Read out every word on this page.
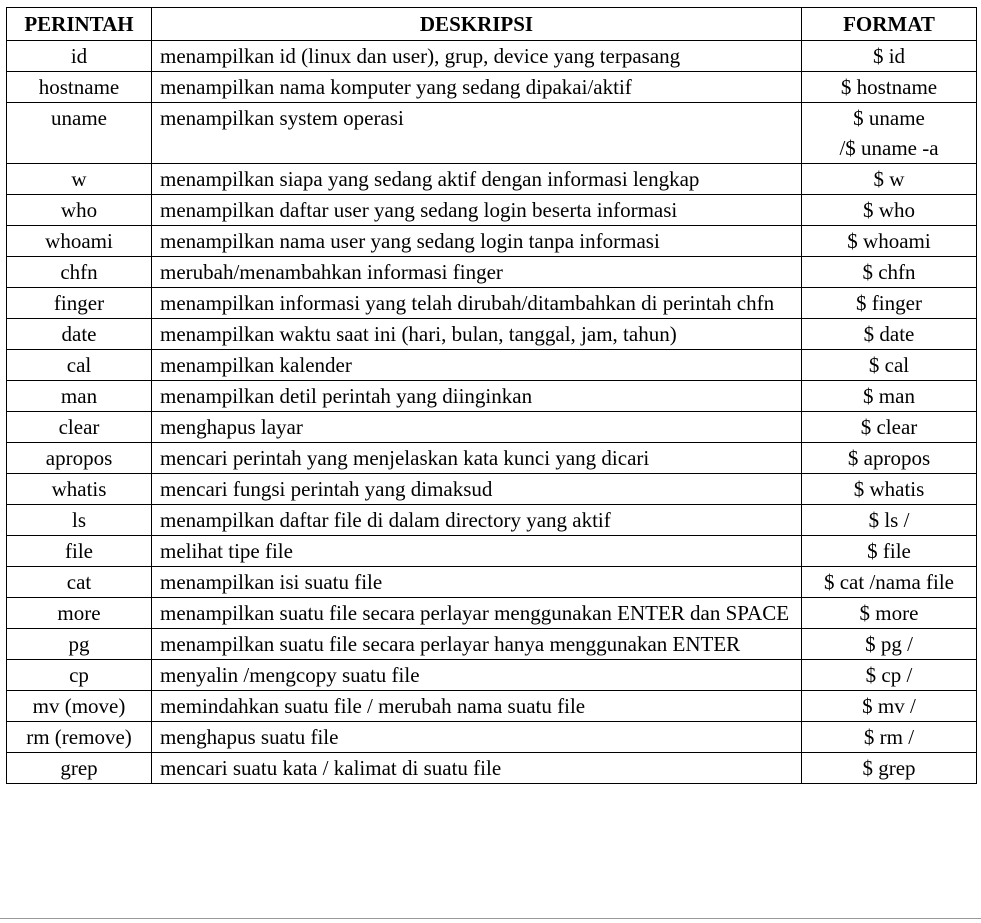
PERINTAH	DESKRIPSI	FORMAT
id	menampilkan id (linux dan user), grup, device yang terpasang	$ id

hostname	menampilkan nama komputer yang sedang dipakai/aktif	$ hostname

uname	menampilkan system operasi	$ uname
/$ uname -a

w	menampilkan siapa yang sedang aktif dengan informasi lengkap	$ w

who	menampilkan daftar user yang sedang login beserta informasi	$ who

whoami	menampilkan nama user yang sedang login tanpa informasi	$ whoami

chfn	merubah/menambahkan informasi finger	$ chfn

finger	menampilkan informasi yang telah dirubah/ditambahkan di perintah chfn	$ finger

date	menampilkan waktu saat ini (hari, bulan, tanggal, jam, tahun)	$ date

cal	menampilkan kalender	$ cal

man	menampilkan detil perintah yang diinginkan	$ man

clear	menghapus layar	$ clear

apropos	mencari perintah yang menjelaskan kata kunci yang dicari	$ apropos

whatis	mencari fungsi perintah yang dimaksud	$ whatis

ls	menampilkan daftar file di dalam directory yang aktif	$ ls /

file	melihat tipe file	$ file

cat	menampilkan isi suatu file	$ cat /nama file

more	menampilkan suatu file secara perlayar menggunakan ENTER dan SPACE	$ more

pg	menampilkan suatu file secara perlayar hanya menggunakan ENTER	$ pg /

cp	menyalin /mengcopy suatu file	$ cp /

mv (move)	memindahkan suatu file / merubah nama suatu file	$ mv /

rm (remove)	menghapus suatu file	$ rm /

grep	mencari suatu kata / kalimat di suatu file	$ grep
